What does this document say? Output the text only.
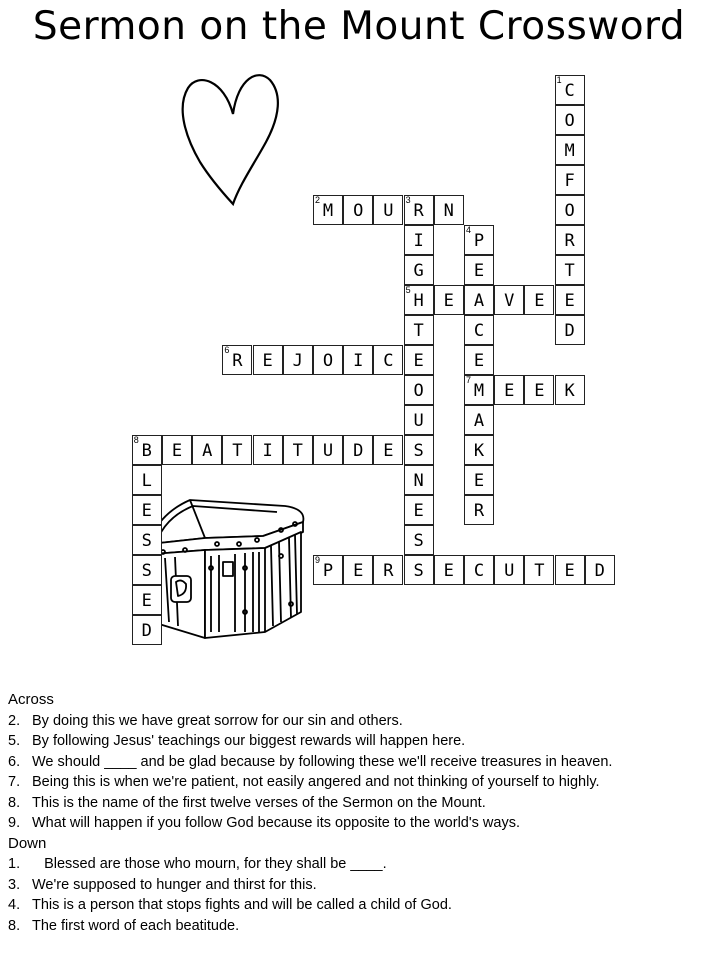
Sermon on the Mount Crossword
1
C
O
M
F
O
R
T
E
D
2
M	O	U
3
R	N
I
G
5
H
T
E
O
U
S
N
E
S
S
4
P
E
A
C
E
7
M
A
K
E
R
E	V	E
6
R	E	J	O	I	C
E	E	K
8
B	E	A	T	I	T	U	D	E
L
E
S
S
E
D
9
P	E	R	E	C	U	T	E	D
Across
2. By doing this we have great sorrow for our sin and others.
5. By following Jesus' teachings our biggest rewards will happen here.
6. We should ____ and be glad because by following these we'll receive treasures in heaven.
7. Being this is when we're patient, not easily angered and not thinking of yourself to highly.
8. This is the name of the first twelve verses of the Sermon on the Mount.
9. What will happen if you follow God because its opposite to the world's ways.
Down
1.   Blessed are those who mourn, for they shall be ____.
3. We're supposed to hunger and thirst for this.
4. This is a person that stops fights and will be called a child of God.
8. The first word of each beatitude.
